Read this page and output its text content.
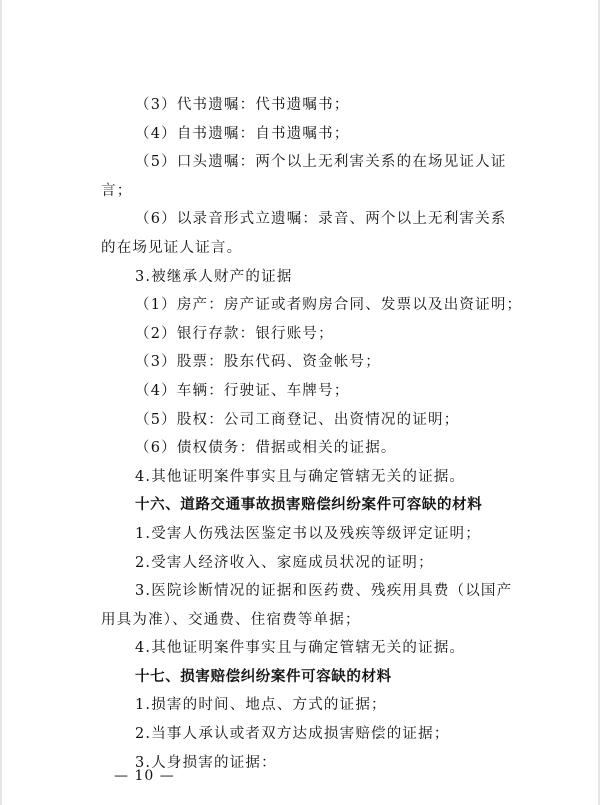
（3）代书遗嘱：代书遗嘱书；
（4）自书遗嘱：自书遗嘱书；
（5）口头遗嘱：两个以上无利害关系的在场见证人证
言；
（6）以录音形式立遗嘱：录音、两个以上无利害关系
的在场见证人证言。
3.被继承人财产的证据
（1）房产：房产证或者购房合同、发票以及出资证明；
（2）银行存款：银行账号；
（3）股票：股东代码、资金帐号；
（4）车辆：行驶证、车牌号；
（5）股权：公司工商登记、出资情况的证明；
（6）债权债务：借据或相关的证据。
4.其他证明案件事实且与确定管辖无关的证据。
十六、道路交通事故损害赔偿纠纷案件可容缺的材料
1.受害人伤残法医鉴定书以及残疾等级评定证明；
2.受害人经济收入、家庭成员状况的证明；
3.医院诊断情况的证据和医药费、残疾用具费（以国产
用具为准）、交通费、住宿费等单据；
4.其他证明案件事实且与确定管辖无关的证据。
十七、损害赔偿纠纷案件可容缺的材料
1.损害的时间、地点、方式的证据；
2.当事人承认或者双方达成损害赔偿的证据；
3.人身损害的证据：
— 10 —
